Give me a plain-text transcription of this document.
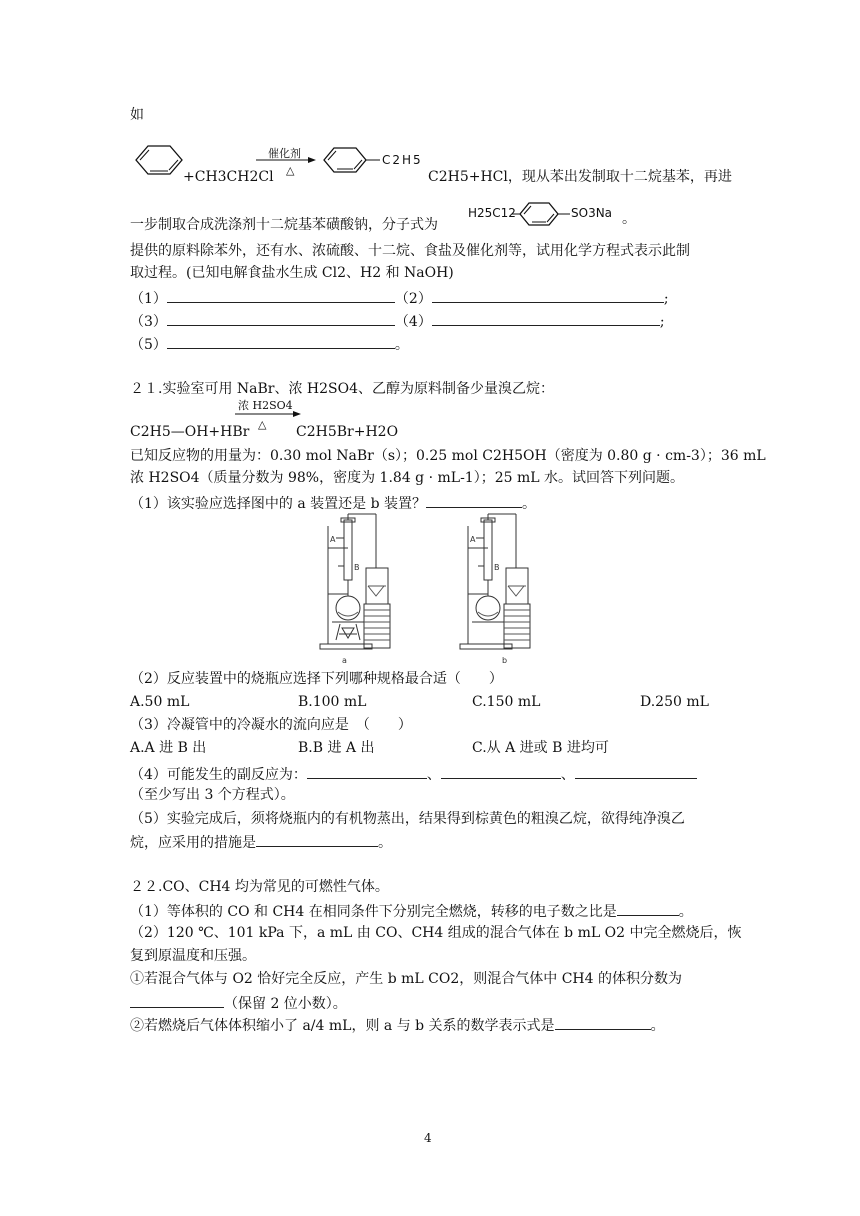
如
催化剂
△
C2H5
+CH3CH2Cl	C2H5+HCl，现从苯出发制取十二烷基苯，再进
一步制取合成洗涤剂十二烷基苯磺酸钠，分子式为
H25C12	SO3Na 。
提供的原料除苯外，还有水、浓硫酸、十二烷、食盐及催化剂等，试用化学方程式表示此制
取过程。(已知电解食盐水生成 Cl2、H2 和 NaOH)
（1）	（2）	;
（3）	（4）	;
（5）	。
２１.实验室可用 NaBr、浓 H2SO4、乙醇为原料制备少量溴乙烷：
浓 H2SO4
△
C2H5—OH+HBr	C2H5Br+H2O
已知反应物的用量为：0.30 mol NaBr（s）；0.25 mol C2H5OH（密度为 0.80 g · cm-3）；36 mL
浓 H2SO4（质量分数为 98%，密度为 1.84 g · mL-1）；25 mL 水。试回答下列问题。
（1）该实验应选择图中的 a 装置还是 b 装置？	。
A
B
A
B
a	b
（2）反应装置中的烧瓶应选择下列哪种规格最合适（　　）
A.50 mL	B.100 mL	C.150 mL	D.250 mL
（3）冷凝管中的冷凝水的流向应是　（　　）
A.A 进 B 出	B.B 进 A 出	C.从 A 进或 B 进均可
（4）可能发生的副反应为：	、	、
（至少写出 3 个方程式）。
（5）实验完成后，须将烧瓶内的有机物蒸出，结果得到棕黄色的粗溴乙烷，欲得纯净溴乙
烷，应采用的措施是	。
２２.CO、CH4 均为常见的可燃性气体。
（1）等体积的 CO 和 CH4 在相同条件下分别完全燃烧，转移的电子数之比是	。
（2）120 ℃、101 kPa 下，a mL 由 CO、CH4 组成的混合气体在 b mL O2 中完全燃烧后，恢
复到原温度和压强。
①若混合气体与 O2 恰好完全反应，产生 b mL CO2，则混合气体中 CH4 的体积分数为
（保留 2 位小数）。
②若燃烧后气体体积缩小了 a/4 mL，则 a 与 b 关系的数学表示式是	。
4
